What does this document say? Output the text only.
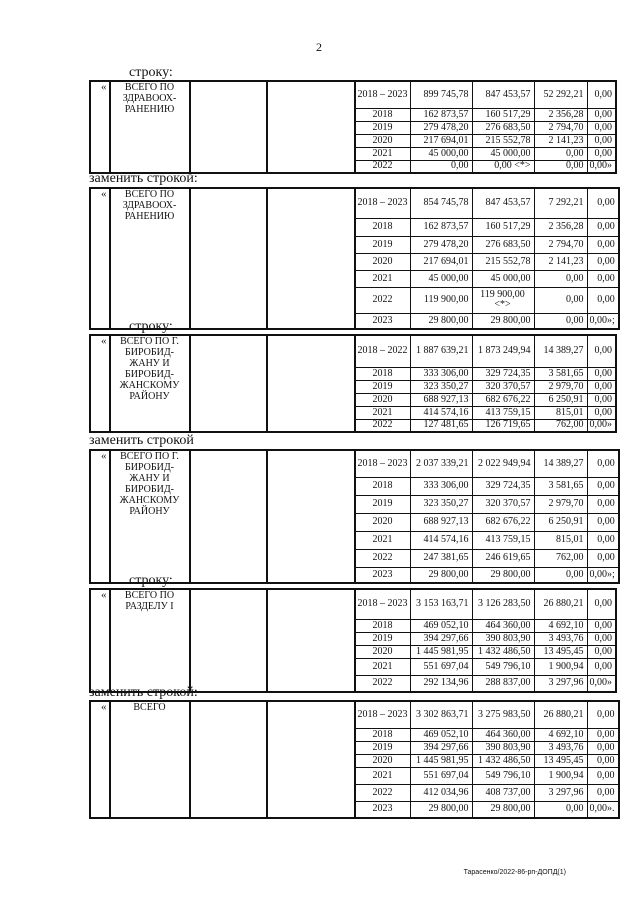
2
строку:
«	ВСЕГО ПО ЗДРАВООХ-РАНЕНИЮ			2018 – 2023	899 745,78	847 453,57	52 292,21	0,00
				2018	162 873,57	160 517,29	2 356,28	0,00
				2019	279 478,20	276 683,50	2 794,70	0,00
				2020	217 694,01	215 552,78	2 141,23	0,00
				2021	45 000,00	45 000,00	0,00	0,00
				2022	0,00	0,00 <*>	0,00	0,00»
заменить строкой:
«	ВСЕГО ПО ЗДРАВООХ-РАНЕНИЮ			2018 – 2023	854 745,78	847 453,57	7 292,21	0,00
				2018	162 873,57	160 517,29	2 356,28	0,00
				2019	279 478,20	276 683,50	2 794,70	0,00
				2020	217 694,01	215 552,78	2 141,23	0,00
				2021	45 000,00	45 000,00	0,00	0,00
				2022	119 900,00	119 900,00 <*>	0,00	0,00
				2023	29 800,00	29 800,00	0,00	0,00»;
строку:
«	ВСЕГО ПО Г. БИРОБИД-ЖАНУ И БИРОБИД-ЖАНСКОМУ РАЙОНУ			2018 – 2022	1 887 639,21	1 873 249,94	14 389,27	0,00
				2018	333 306,00	329 724,35	3 581,65	0,00
				2019	323 350,27	320 370,57	2 979,70	0,00
				2020	688 927,13	682 676,22	6 250,91	0,00
				2021	414 574,16	413 759,15	815,01	0,00
				2022	127 481,65	126 719,65	762,00	0,00»
заменить строкой
«	ВСЕГО ПО Г. БИРОБИД-ЖАНУ И БИРОБИД-ЖАНСКОМУ РАЙОНУ			2018 – 2023	2 037 339,21	2 022 949,94	14 389,27	0,00
				2018	333 306,00	329 724,35	3 581,65	0,00
				2019	323 350,27	320 370,57	2 979,70	0,00
				2020	688 927,13	682 676,22	6 250,91	0,00
				2021	414 574,16	413 759,15	815,01	0,00
				2022	247 381,65	246 619,65	762,00	0,00
				2023	29 800,00	29 800,00	0,00	0,00»;
строку:
«	ВСЕГО ПО РАЗДЕЛУ I			2018 – 2023	3 153 163,71	3 126 283,50	26 880,21	0,00
				2018	469 052,10	464 360,00	4 692,10	0,00
				2019	394 297,66	390 803,90	3 493,76	0,00
				2020	1 445 981,95	1 432 486,50	13 495,45	0,00
				2021	551 697,04	549 796,10	1 900,94	0,00
				2022	292 134,96	288 837,00	3 297,96	0,00»
заменить строкой:
«	ВСЕГО			2018 – 2023	3 302 863,71	3 275 983,50	26 880,21	0,00
				2018	469 052,10	464 360,00	4 692,10	0,00
				2019	394 297,66	390 803,90	3 493,76	0,00
				2020	1 445 981,95	1 432 486,50	13 495,45	0,00
				2021	551 697,04	549 796,10	1 900,94	0,00
				2022	412 034,96	408 737,00	3 297,96	0,00
				2023	29 800,00	29 800,00	0,00	0,00».
Тарасенко/2022-86-рп-ДОПД(1)
